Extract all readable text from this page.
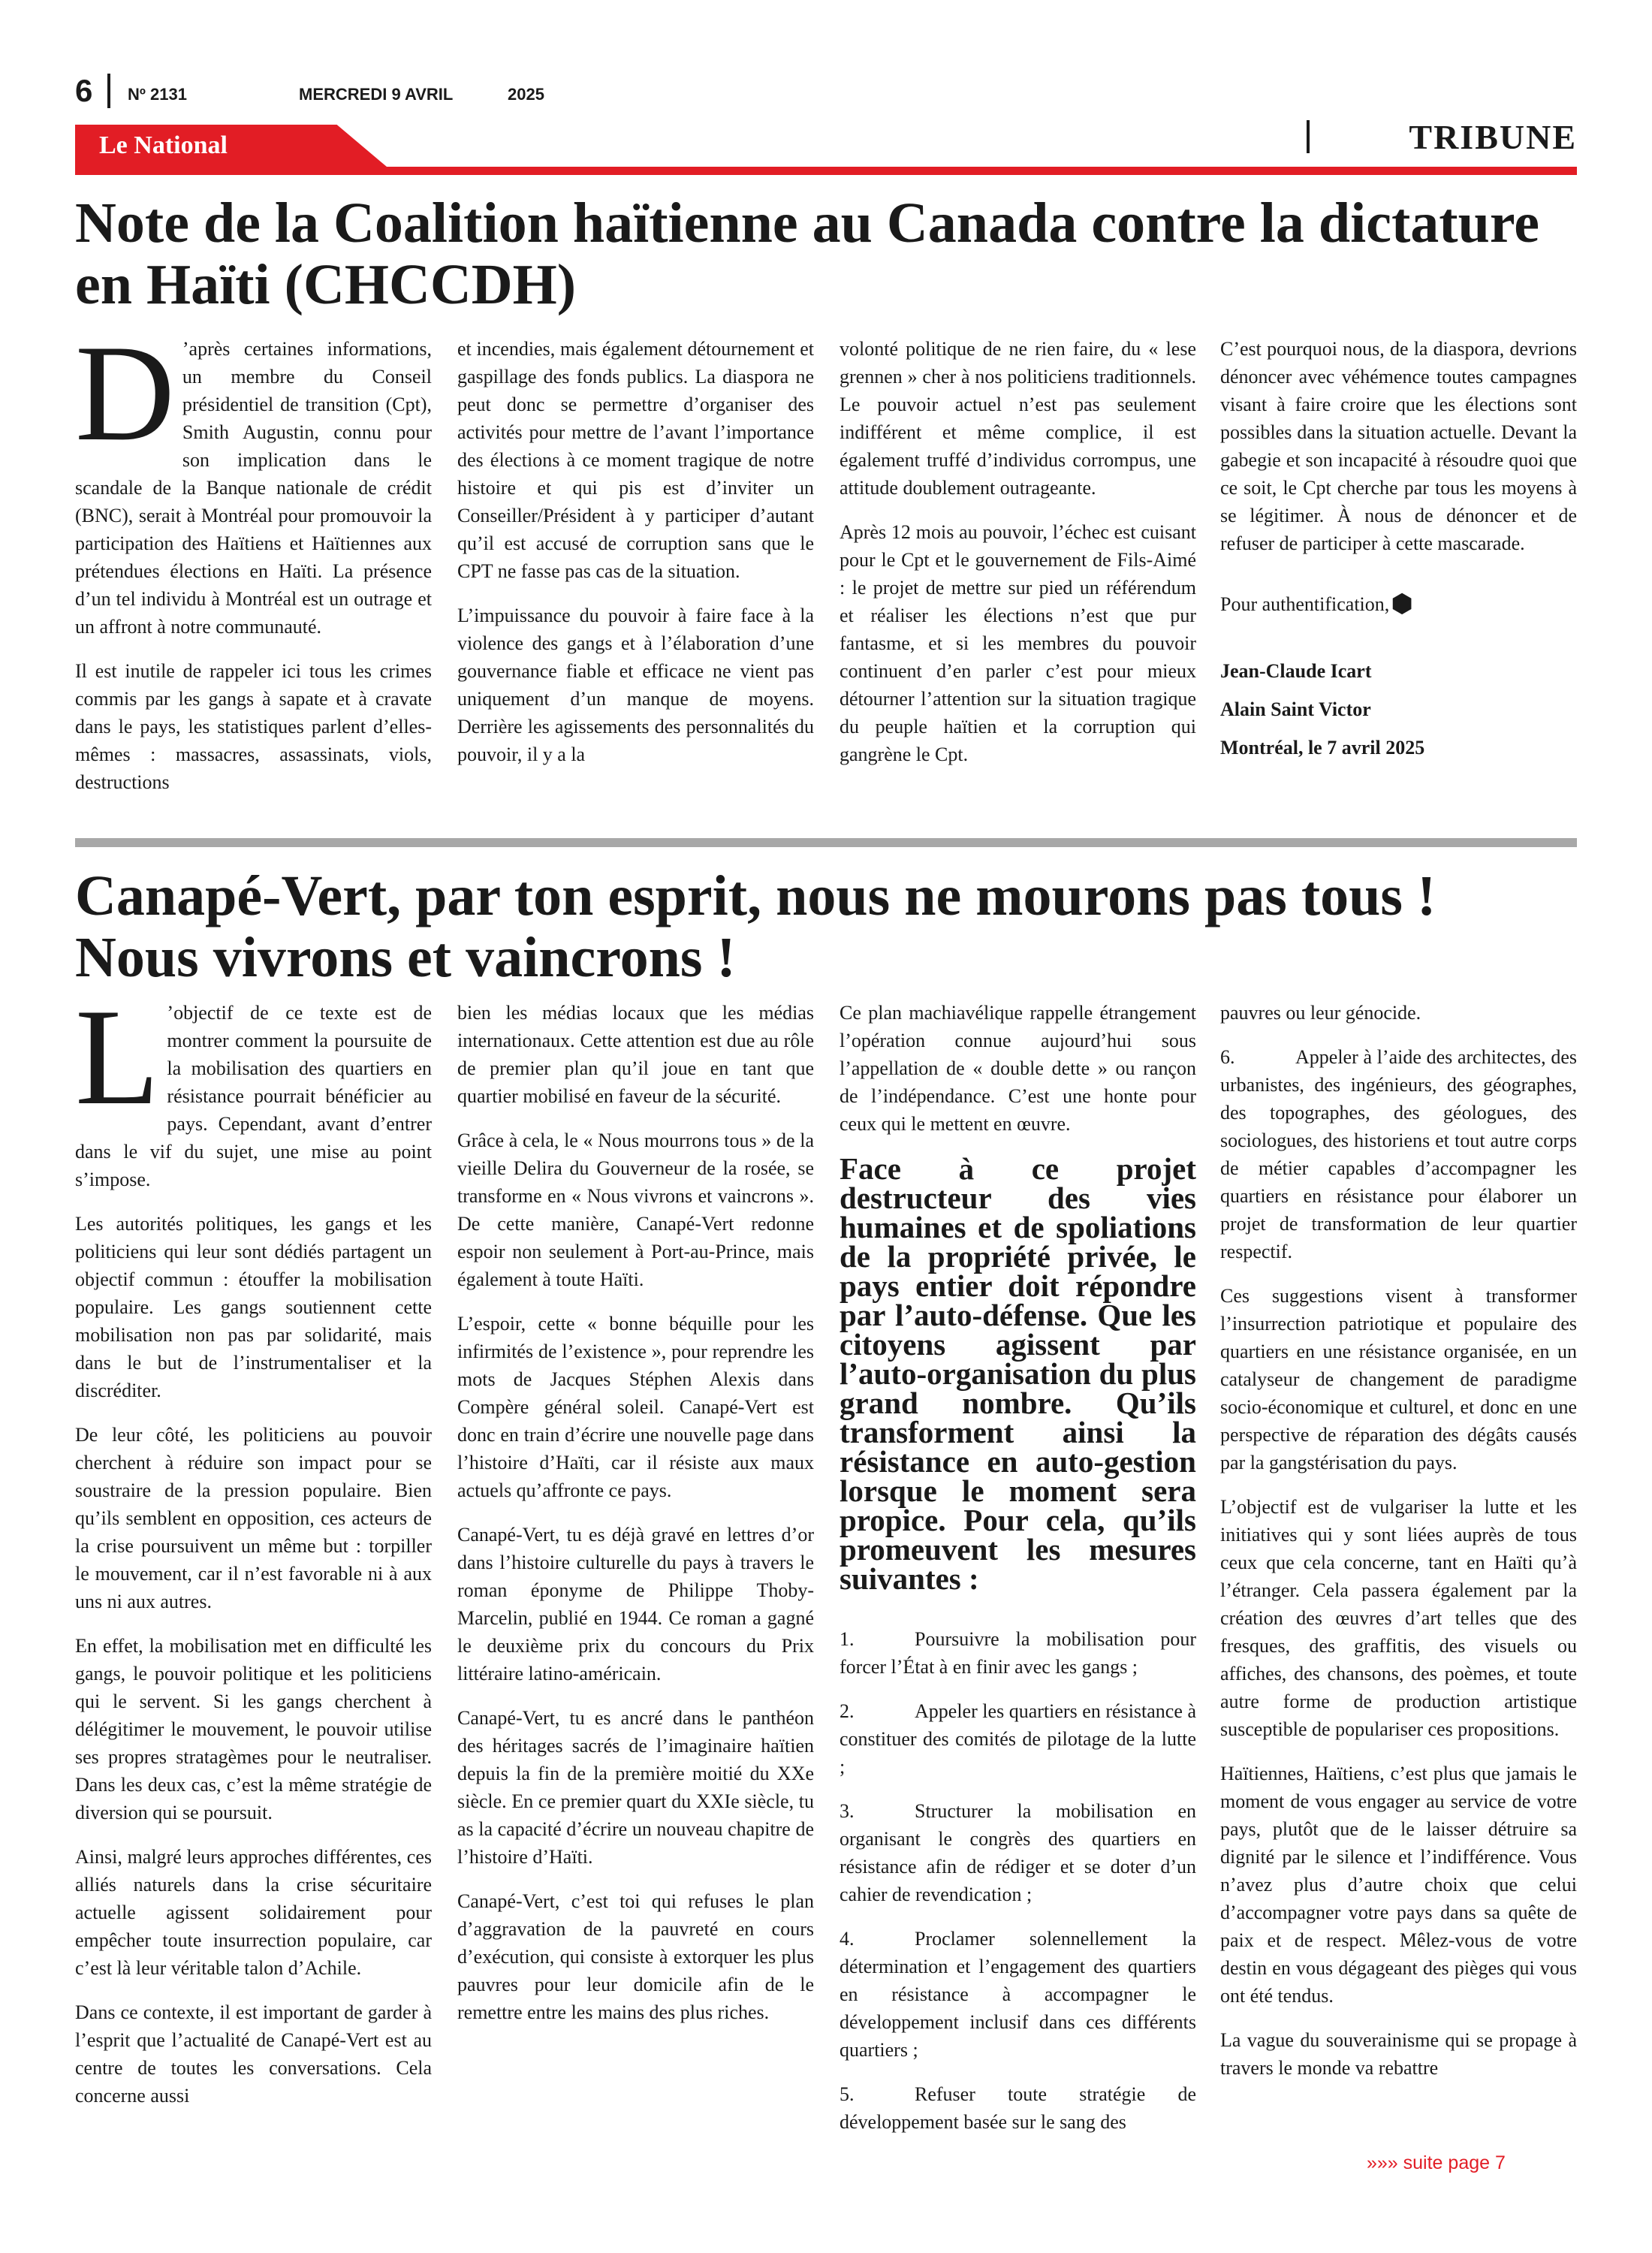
6 Nº 2131	MERCREDI 9 AVRIL	2025
Le National	TRIBUNE
Note de la Coalition haïtienne au Canada contre la dictature en Haïti (CHCCDH)
D ’après certaines informations, un membre du Conseil présidentiel de transition (Cpt), Smith Augustin, connu pour son implication dans le scandale de la Banque nationale de crédit (BNC), serait à Montréal pour promouvoir la participation des Haïtiens et Haïtiennes aux prétendues élections en Haïti. La présence d’un tel individu à Montréal est un outrage et un affront à notre communauté.

Il est inutile de rappeler ici tous les crimes commis par les gangs à sapate et à cravate dans le pays, les statistiques parlent d’elles-mêmes : massacres, assassinats, viols, destructions

et incendies, mais également détournement et gaspillage des fonds publics. La diaspora ne peut donc se permettre d’organiser des activités pour mettre de l’avant l’importance des élections à ce moment tragique de notre histoire et qui pis est d’inviter un Conseiller/Président à y participer d’autant qu’il est accusé de corruption sans que le CPT ne fasse pas cas de la situation.

L’impuissance du pouvoir à faire face à la violence des gangs et à l’élaboration d’une gouvernance fiable et efficace ne vient pas uniquement d’un manque de moyens. Derrière les agissements des personnalités du pouvoir, il y a la

volonté politique de ne rien faire, du « lese grennen » cher à nos politiciens traditionnels. Le pouvoir actuel n’est pas seulement indifférent et même complice, il est également truffé d’individus corrompus, une attitude doublement outrageante.

Après 12 mois au pouvoir, l’échec est cuisant pour le Cpt et le gouvernement de Fils-Aimé : le projet de mettre sur pied un référendum et réaliser les élections n’est que pur fantasme, et si les membres du pouvoir continuent d’en parler c’est pour mieux détourner l’attention sur la situation tragique du peuple haïtien et la corruption qui gangrène le Cpt.

C’est pourquoi nous, de la diaspora, devrions dénoncer avec véhémence toutes campagnes visant à faire croire que les élections sont possibles dans la situation actuelle. Devant la gabegie et son incapacité à résoudre quoi que ce soit, le Cpt cherche par tous les moyens à se légitimer. À nous de dénoncer et de refuser de participer à cette mascarade.

Pour authentification,⬢

Jean-Claude Icart

Alain Saint Victor

Montréal, le 7 avril 2025

Canapé-Vert, par ton esprit, nous ne mourons pas tous !
Nous vivrons et vaincrons !
L ’objectif de ce texte est de montrer comment la poursuite de la mobilisation des quartiers en résistance pourrait bénéficier au pays. Cependant, avant d’entrer dans le vif du sujet, une mise au point s’impose.

Les autorités politiques, les gangs et les politiciens qui leur sont dédiés partagent un objectif commun : étouffer la mobilisation populaire. Les gangs soutiennent cette mobilisation non pas par solidarité, mais dans le but de l’instrumentaliser et la discréditer.

De leur côté, les politiciens au pouvoir cherchent à réduire son impact pour se soustraire de la pression populaire. Bien qu’ils semblent en opposition, ces acteurs de la crise poursuivent un même but : torpiller le mouvement, car il n’est favorable ni à aux uns ni aux autres.

En effet, la mobilisation met en difficulté les gangs, le pouvoir politique et les politiciens qui le servent. Si les gangs cherchent à délégitimer le mouvement, le pouvoir utilise ses propres stratagèmes pour le neutraliser. Dans les deux cas, c’est la même stratégie de diversion qui se poursuit.

Ainsi, malgré leurs approches différentes, ces alliés naturels dans la crise sécuritaire actuelle agissent solidairement pour empêcher toute insurrection populaire, car c’est là leur véritable talon d’Achile.

Dans ce contexte, il est important de garder à l’esprit que l’actualité de Canapé-Vert est au centre de toutes les conversations. Cela concerne aussi

bien les médias locaux que les médias internationaux. Cette attention est due au rôle de premier plan qu’il joue en tant que quartier mobilisé en faveur de la sécurité.

Grâce à cela, le « Nous mourrons tous » de la vieille Delira du Gouverneur de la rosée, se transforme en « Nous vivrons et vaincrons ». De cette manière, Canapé-Vert redonne espoir non seulement à Port-au-Prince, mais également à toute Haïti.

L’espoir, cette « bonne béquille pour les infirmités de l’existence », pour reprendre les mots de Jacques Stéphen Alexis dans Compère général soleil. Canapé-Vert est donc en train d’écrire une nouvelle page dans l’histoire d’Haïti, car il résiste aux maux actuels qu’affronte ce pays.

Canapé-Vert, tu es déjà gravé en lettres d’or dans l’histoire culturelle du pays à travers le roman éponyme de Philippe Thoby-Marcelin, publié en 1944. Ce roman a gagné le deuxième prix du concours du Prix littéraire latino-américain.

Canapé-Vert, tu es ancré dans le panthéon des héritages sacrés de l’imaginaire haïtien depuis la fin de la première moitié du XXe siècle. En ce premier quart du XXIe siècle, tu as la capacité d’écrire un nouveau chapitre de l’histoire d’Haïti.

Canapé-Vert, c’est toi qui refuses le plan d’aggravation de la pauvreté en cours d’exécution, qui consiste à extorquer les plus pauvres pour leur domicile afin de le remettre entre les mains des plus riches.

Ce plan machiavélique rappelle étrangement l’opération connue aujourd’hui sous l’appellation de « double dette » ou rançon de l’indépendance. C’est une honte pour ceux qui le mettent en œuvre.

Face à ce projet destructeur des vies humaines et de spoliations de la propriété privée, le pays entier doit répondre par l’auto-défense. Que les citoyens agissent par l’auto-organisation du plus grand nombre. Qu’ils transforment ainsi la résistance en auto-gestion lorsque le moment sera propice. Pour cela, qu’ils promeuvent les mesures suivantes :

1.	Poursuivre la mobilisation pour forcer l’État à en finir avec les gangs ;

2.	Appeler les quartiers en résistance à constituer des comités de pilotage de la lutte ;

3.	Structurer la mobilisation en organisant le congrès des quartiers en résistance afin de rédiger et se doter d’un cahier de revendication ;

4.	Proclamer solennellement la détermination et l’engagement des quartiers en résistance à accompagner le développement inclusif dans ces différents quartiers ;

5.	Refuser toute stratégie de développement basée sur le sang des

pauvres ou leur génocide.

6.	Appeler à l’aide des architectes, des urbanistes, des ingénieurs, des géographes, des topographes, des géologues, des sociologues, des historiens et tout autre corps de métier capables d’accompagner les quartiers en résistance pour élaborer un projet de transformation de leur quartier respectif.

Ces suggestions visent à transformer l’insurrection patriotique et populaire des quartiers en une résistance organisée, en un catalyseur de changement de paradigme socio-économique et culturel, et donc en une perspective de réparation des dégâts causés par la gangstérisation du pays.

L’objectif est de vulgariser la lutte et les initiatives qui y sont liées auprès de tous ceux que cela concerne, tant en Haïti qu’à l’étranger. Cela passera également par la création des œuvres d’art telles que des fresques, des graffitis, des visuels ou affiches, des chansons, des poèmes, et toute autre forme de production artistique susceptible de populariser ces propositions.

Haïtiennes, Haïtiens, c’est plus que jamais le moment de vous engager au service de votre pays, plutôt que de le laisser détruire sa dignité par le silence et l’indifférence. Vous n’avez plus d’autre choix que celui d’accompagner votre pays dans sa quête de paix et de respect. Mêlez-vous de votre destin en vous dégageant des pièges qui vous ont été tendus.

La vague du souverainisme qui se propage à travers le monde va rebattre

»»» suite page 7
